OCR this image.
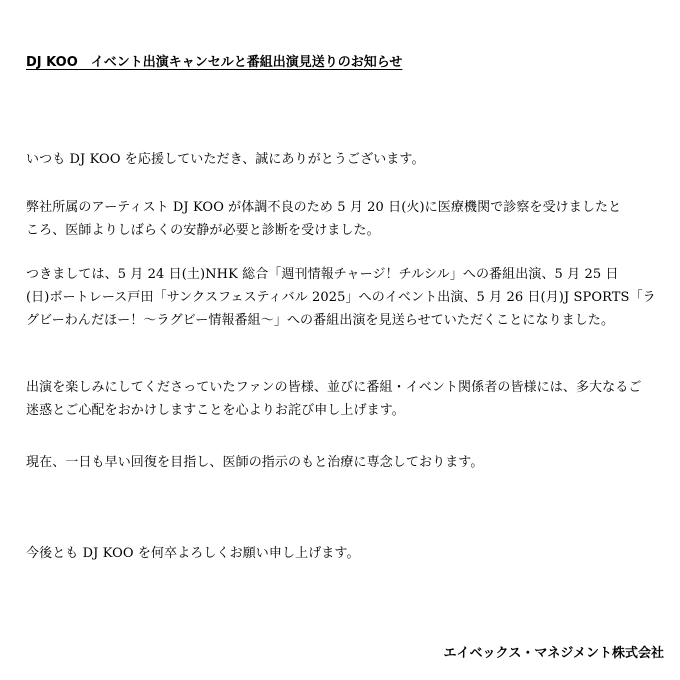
DJ KOO　イベント出演キャンセルと番組出演見送りのお知らせ
いつも DJ KOO を応援していただき、誠にありがとうございます。
弊社所属のアーティスト DJ KOO が体調不良のため 5 月 20 日(火)に医療機関で診察を受けましたと
ころ、医師よりしばらくの安静が必要と診断を受けました。
つきましては、5 月 24 日(土)NHK 総合「週刊情報チャージ！チルシル」への番組出演、5 月 25 日
(日)ボートレース戸田「サンクスフェスティバル 2025」へのイベント出演、5 月 26 日(月)J SPORTS「ラ
グビーわんだほー！～ラグビー情報番組～」への番組出演を見送らせていただくことになりました。
出演を楽しみにしてくださっていたファンの皆様、並びに番組・イベント関係者の皆様には、多大なるご
迷惑とご心配をおかけしますことを心よりお詫び申し上げます。
現在、一日も早い回復を目指し、医師の指示のもと治療に専念しております。
今後とも DJ KOO を何卒よろしくお願い申し上げます。
エイベックス・マネジメント株式会社
